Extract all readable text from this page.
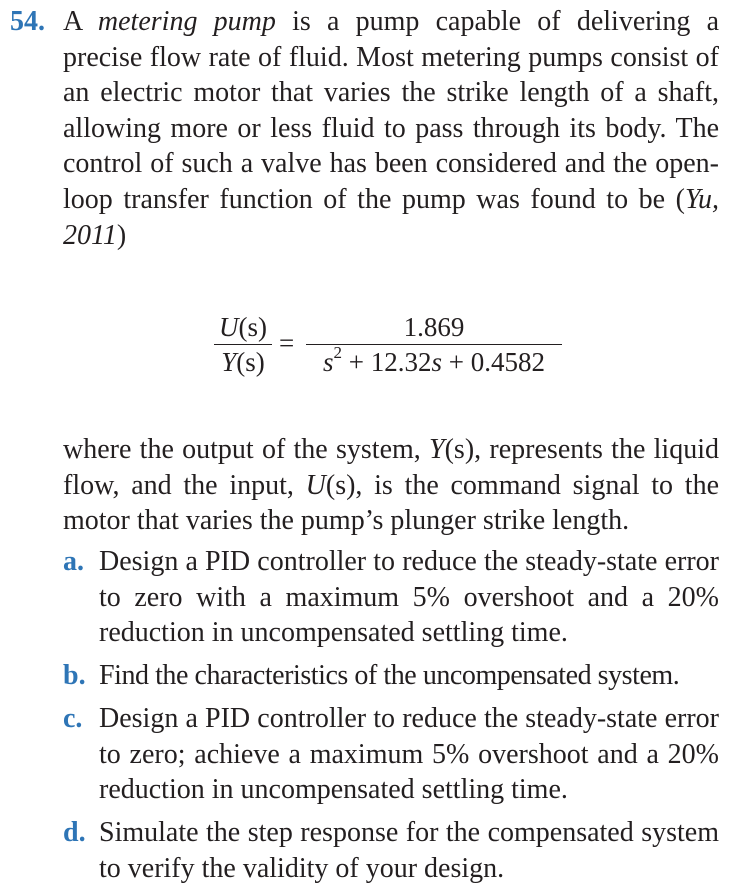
54. A metering pump is a pump capable of delivering a precise flow rate of fluid. Most metering pumps consist of an electric motor that varies the strike length of a shaft, allowing more or less fluid to pass through its body. The control of such a valve has been considered and the open-loop transfer function of the pump was found to be (Yu, 2011)
U(s)
Y(s)
=
1.869
$s^2 + 12.32s + 0.4582$
where the output of the system, Y(s), represents the liquid flow, and the input, U(s), is the command signal to the motor that varies the pump’s plunger strike length.
a. Design a PID controller to reduce the steady-state error to zero with a maximum 5% overshoot and a 20% reduction in uncompensated settling time.
b. Find the characteristics of the uncompensated system.
c. Design a PID controller to reduce the steady-state error to zero; achieve a maximum 5% overshoot and a 20% reduction in uncompensated settling time.
d. Simulate the step response for the compensated system to verify the validity of your design.
